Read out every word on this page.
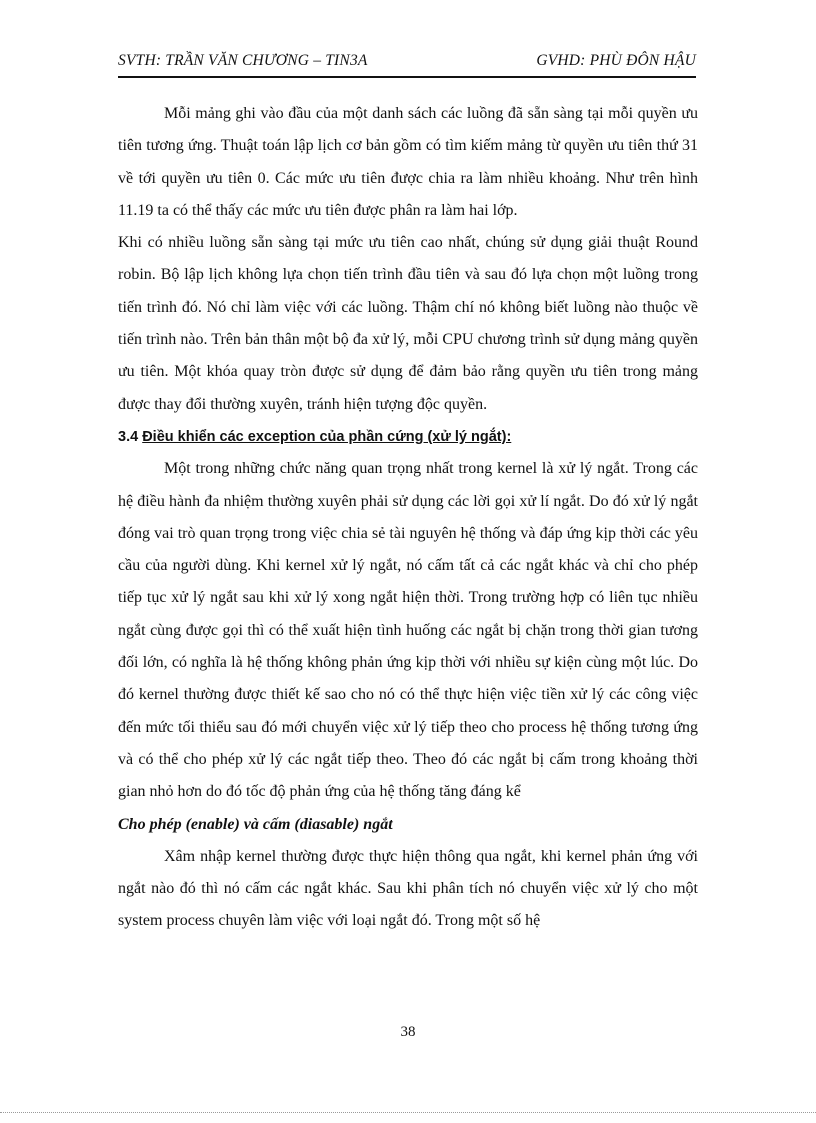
SVTH: TRẦN VĂN CHƯƠNG – TIN3A	GVHD: PHÙ ĐÔN HẬU

Mỗi mảng ghi vào đầu của một danh sách các luồng đã sẵn sàng tại mỗi quyền ưu tiên tương ứng. Thuật toán lập lịch cơ bản gồm có tìm kiếm mảng từ quyền ưu tiên thứ 31 về tới quyền ưu tiên 0. Các mức ưu tiên được chia ra làm nhiều khoảng. Như trên hình 11.19 ta có thể thấy các mức ưu tiên được phân ra làm hai lớp.

Khi có nhiều luồng sẵn sàng tại mức ưu tiên cao nhất, chúng sử dụng giải thuật Round robin. Bộ lập lịch không lựa chọn tiến trình đầu tiên và sau đó lựa chọn một luồng trong tiến trình đó. Nó chỉ làm việc với các luồng. Thậm chí nó không biết luồng nào thuộc về tiến trình nào. Trên bản thân một bộ đa xử lý, mỗi CPU chương trình sử dụng mảng quyền ưu tiên. Một khóa quay tròn được sử dụng để đảm bảo rằng quyền ưu tiên trong mảng được thay đổi thường xuyên, tránh hiện tượng độc quyền.

3.4 Điều khiển các exception của phần cứng (xử lý ngắt):

Một trong những chức năng quan trọng nhất trong kernel là xử lý ngắt. Trong các hệ điều hành đa nhiệm thường xuyên phải sử dụng các lời gọi xử lí ngắt. Do đó xử lý ngắt đóng vai trò quan trọng trong việc chia sẻ tài nguyên hệ thống và đáp ứng kịp thời các yêu cầu của người dùng. Khi kernel xử lý ngắt, nó cấm tất cả các ngắt khác và chỉ cho phép tiếp tục xử lý ngắt sau khi xử lý xong ngắt hiện thời. Trong trường hợp có liên tục nhiều ngắt cùng được gọi thì có thể xuất hiện tình huống các ngắt bị chặn trong thời gian tương đối lớn, có nghĩa là hệ thống không phản ứng kịp thời với nhiều sự kiện cùng một lúc. Do đó kernel thường được thiết kế sao cho nó có thể thực hiện việc tiền xử lý các công việc đến mức tối thiểu sau đó mới chuyển việc xử lý tiếp theo cho process hệ thống tương ứng và có thể cho phép xử lý các ngắt tiếp theo. Theo đó các ngắt bị cấm trong khoảng thời gian nhỏ hơn do đó tốc độ phản ứng của hệ thống tăng đáng kể

Cho phép (enable) và cấm (diasable) ngắt

Xâm nhập kernel thường được thực hiện thông qua ngắt, khi kernel phản ứng với ngắt nào đó thì nó cấm các ngắt khác. Sau khi phân tích nó chuyển việc xử lý cho một system process chuyên làm việc với loại ngắt đó. Trong một số hệ

38
